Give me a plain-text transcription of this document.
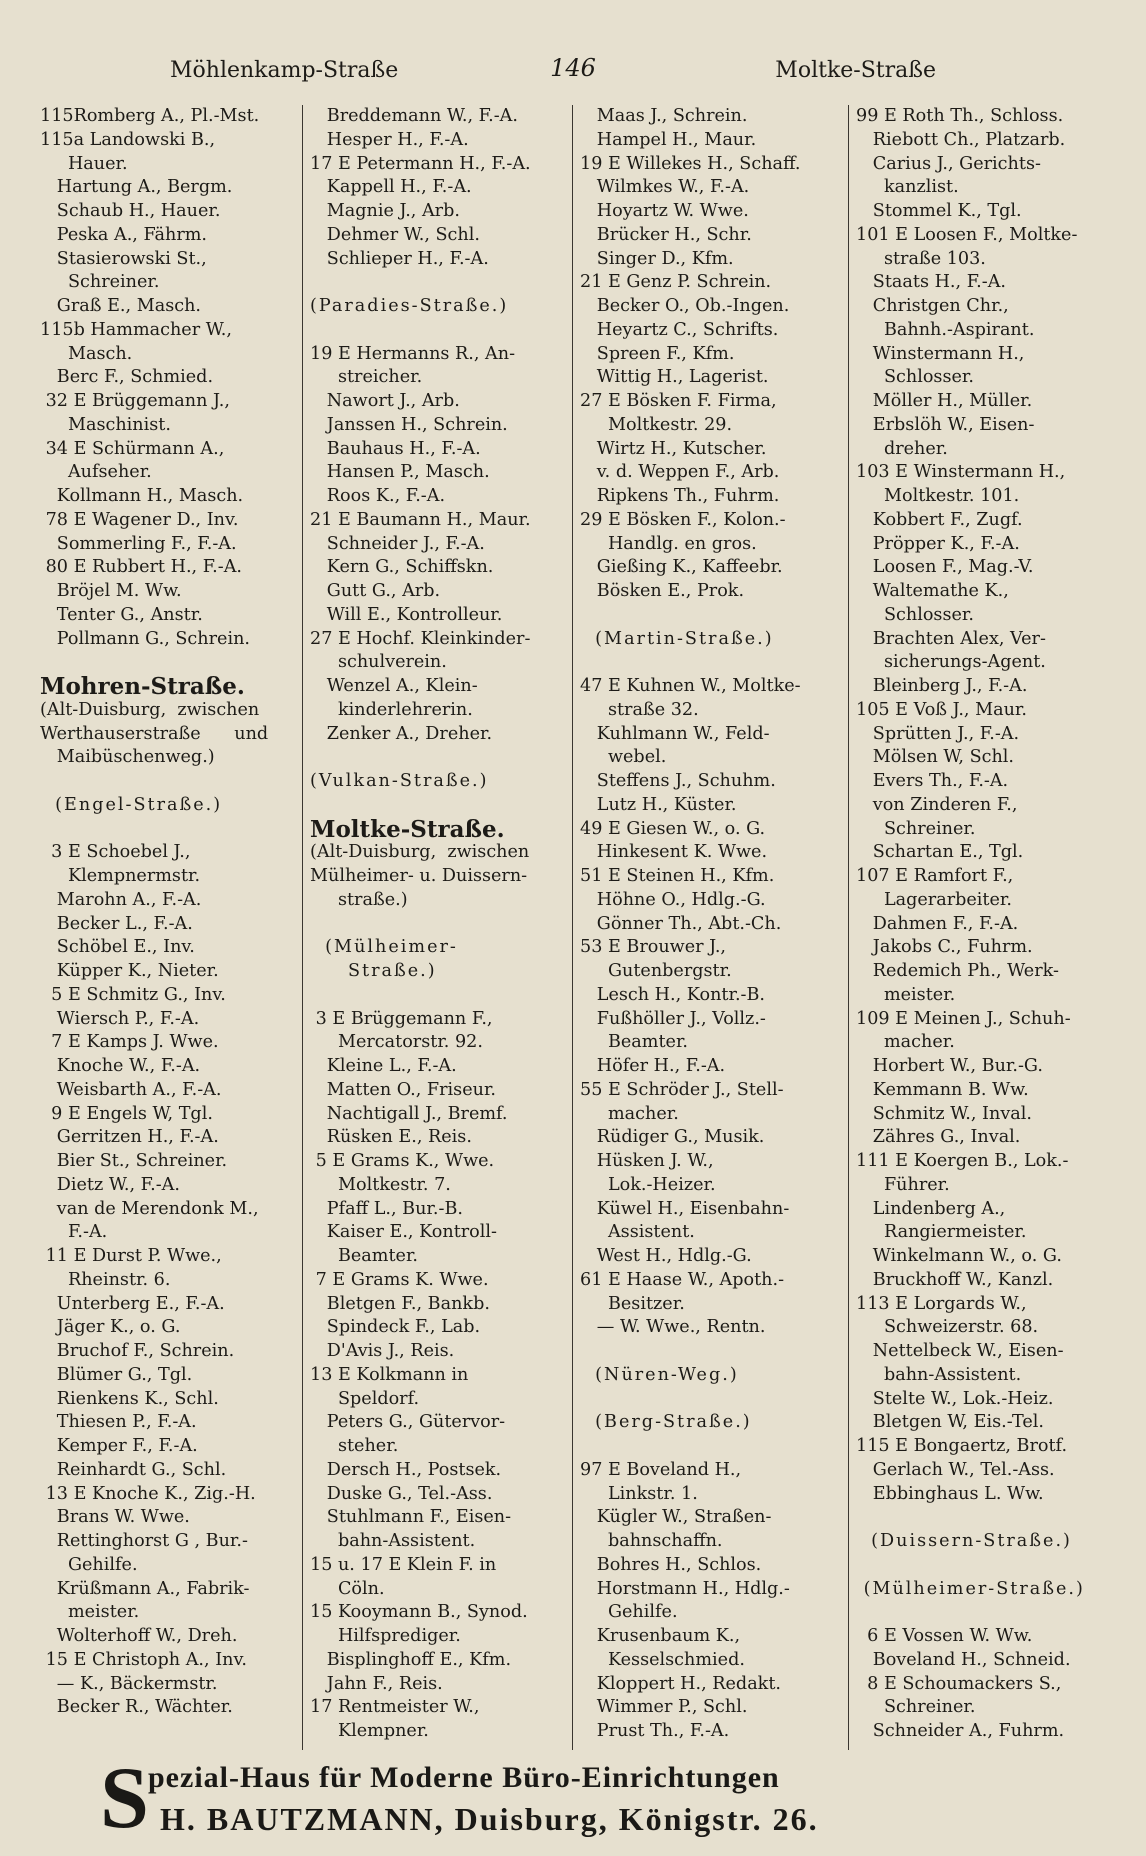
Möhlenkamp-Straße	146	Moltke-Straße
115Romberg A., Pl.-Mst.
115a Landowski B.,
Hauer.
Hartung A., Bergm.
Schaub H., Hauer.
Peska A., Fährm.
Stasierowski St.,
Schreiner.
Graß E., Masch.
115b Hammacher W.,
Masch.
Berc F., Schmied.
32 E Brüggemann J.,
Maschinist.
34 E Schürmann A.,
Aufseher.
Kollmann H., Masch.
78 E Wagener D., Inv.
Sommerling F., F.-A.
80 E Rubbert H., F.-A.
Bröjel M. Ww.
Tenter G., Anstr.
Pollmann G., Schrein.
Mohren-Straße.
(Alt-Duisburg,  zwischen
Werthauserstraße      und
Maibüschenweg.)
(Engel-Straße.)
3 E Schoebel J.,
Klempnermstr.
Marohn A., F.-A.
Becker L., F.-A.
Schöbel E., Inv.
Küpper K., Nieter.
5 E Schmitz G., Inv.
Wiersch P., F.-A.
7 E Kamps J. Wwe.
Knoche W., F.-A.
Weisbarth A., F.-A.
9 E Engels W, Tgl.
Gerritzen H., F.-A.
Bier St., Schreiner.
Dietz W., F.-A.
van de Merendonk M.,
F.-A.
11 E Durst P. Wwe.,
Rheinstr. 6.
Unterberg E., F.-A.
Jäger K., o. G.
Bruchof F., Schrein.
Blümer G., Tgl.
Rienkens K., Schl.
Thiesen P., F.-A.
Kemper F., F.-A.
Reinhardt G., Schl.
13 E Knoche K., Zig.-H.
Brans W. Wwe.
Rettinghorst G , Bur.-
Gehilfe.
Krüßmann A., Fabrik-
meister.
Wolterhoff W., Dreh.
15 E Christoph A., Inv.
— K., Bäckermstr.
Becker R., Wächter.
Breddemann W., F.-A.
Hesper H., F.-A.
17 E Petermann H., F.-A.
Kappell H., F.-A.
Magnie J., Arb.
Dehmer W., Schl.
Schlieper H., F.-A.
(Paradies-Straße.)
19 E Hermanns R., An-
streicher.
Nawort J., Arb.
Janssen H., Schrein.
Bauhaus H., F.-A.
Hansen P., Masch.
Roos K., F.-A.
21 E Baumann H., Maur.
Schneider J., F.-A.
Kern G., Schiffskn.
Gutt G., Arb.
Will E., Kontrolleur.
27 E Hochf. Kleinkinder-
schulverein.
Wenzel A., Klein-
kinderlehrerin.
Zenker A., Dreher.
(Vulkan-Straße.)
Moltke-Straße.
(Alt-Duisburg,  zwischen
Mülheimer- u. Duissern-
straße.)
(Mülheimer-
Straße.)
3 E Brüggemann F.,
Mercatorstr. 92.
Kleine L., F.-A.
Matten O., Friseur.
Nachtigall J., Bremf.
Rüsken E., Reis.
5 E Grams K., Wwe.
Moltkestr. 7.
Pfaff L., Bur.-B.
Kaiser E., Kontroll-
Beamter.
7 E Grams K. Wwe.
Bletgen F., Bankb.
Spindeck F., Lab.
D'Avis J., Reis.
13 E Kolkmann in
Speldorf.
Peters G., Gütervor-
steher.
Dersch H., Postsek.
Duske G., Tel.-Ass.
Stuhlmann F., Eisen-
bahn-Assistent.
15 u. 17 E Klein F. in
Cöln.
15 Kooymann B., Synod.
Hilfsprediger.
Bisplinghoff E., Kfm.
Jahn F., Reis.
17 Rentmeister W.,
Klempner.
Maas J., Schrein.
Hampel H., Maur.
19 E Willekes H., Schaff.
Wilmkes W., F.-A.
Hoyartz W. Wwe.
Brücker H., Schr.
Singer D., Kfm.
21 E Genz P. Schrein.
Becker O., Ob.-Ingen.
Heyartz C., Schrifts.
Spreen F., Kfm.
Wittig H., Lagerist.
27 E Bösken F. Firma,
Moltkestr. 29.
Wirtz H., Kutscher.
v. d. Weppen F., Arb.
Ripkens Th., Fuhrm.
29 E Bösken F., Kolon.-
Handlg. en gros.
Gießing K., Kaffeebr.
Bösken E., Prok.
(Martin-Straße.)
47 E Kuhnen W., Moltke-
straße 32.
Kuhlmann W., Feld-
webel.
Steffens J., Schuhm.
Lutz H., Küster.
49 E Giesen W., o. G.
Hinkesent K. Wwe.
51 E Steinen H., Kfm.
Höhne O., Hdlg.-G.
Gönner Th., Abt.-Ch.
53 E Brouwer J.,
Gutenbergstr.
Lesch H., Kontr.-B.
Fußhöller J., Vollz.-
Beamter.
Höfer H., F.-A.
55 E Schröder J., Stell-
macher.
Rüdiger G., Musik.
Hüsken J. W.,
Lok.-Heizer.
Küwel H., Eisenbahn-
Assistent.
West H., Hdlg.-G.
61 E Haase W., Apoth.-
Besitzer.
— W. Wwe., Rentn.
(Nüren-Weg.)
(Berg-Straße.)
97 E Boveland H.,
Linkstr. 1.
Kügler W., Straßen-
bahnschaffn.
Bohres H., Schlos.
Horstmann H., Hdlg.-
Gehilfe.
Krusenbaum K.,
Kesselschmied.
Kloppert H., Redakt.
Wimmer P., Schl.
Prust Th., F.-A.
99 E Roth Th., Schloss.
Riebott Ch., Platzarb.
Carius J., Gerichts-
kanzlist.
Stommel K., Tgl.
101 E Loosen F., Moltke-
straße 103.
Staats H., F.-A.
Christgen Chr.,
Bahnh.-Aspirant.
Winstermann H.,
Schlosser.
Möller H., Müller.
Erbslöh W., Eisen-
dreher.
103 E Winstermann H.,
Moltkestr. 101.
Kobbert F., Zugf.
Pröpper K., F.-A.
Loosen F., Mag.-V.
Waltemathe K.,
Schlosser.
Brachten Alex, Ver-
sicherungs-Agent.
Bleinberg J., F.-A.
105 E Voß J., Maur.
Sprütten J., F.-A.
Mölsen W, Schl.
Evers Th., F.-A.
von Zinderen F.,
Schreiner.
Schartan E., Tgl.
107 E Ramfort F.,
Lagerarbeiter.
Dahmen F., F.-A.
Jakobs C., Fuhrm.
Redemich Ph., Werk-
meister.
109 E Meinen J., Schuh-
macher.
Horbert W., Bur.-G.
Kemmann B. Ww.
Schmitz W., Inval.
Zähres G., Inval.
111 E Koergen B., Lok.-
Führer.
Lindenberg A.,
Rangiermeister.
Winkelmann W., o. G.
Bruckhoff W., Kanzl.
113 E Lorgards W.,
Schweizerstr. 68.
Nettelbeck W., Eisen-
bahn-Assistent.
Stelte W., Lok.-Heiz.
Bletgen W, Eis.-Tel.
115 E Bongaertz, Brotf.
Gerlach W., Tel.-Ass.
Ebbinghaus L. Ww.
(Duissern-Straße.)
(Mülheimer-Straße.)
6 E Vossen W. Ww.
Boveland H., Schneid.
8 E Schoumackers S.,
Schreiner.
Schneider A., Fuhrm.
S pezial-Haus für Moderne Büro-Einrichtungen
H. BAUTZMANN, Duisburg, Königstr. 26.
